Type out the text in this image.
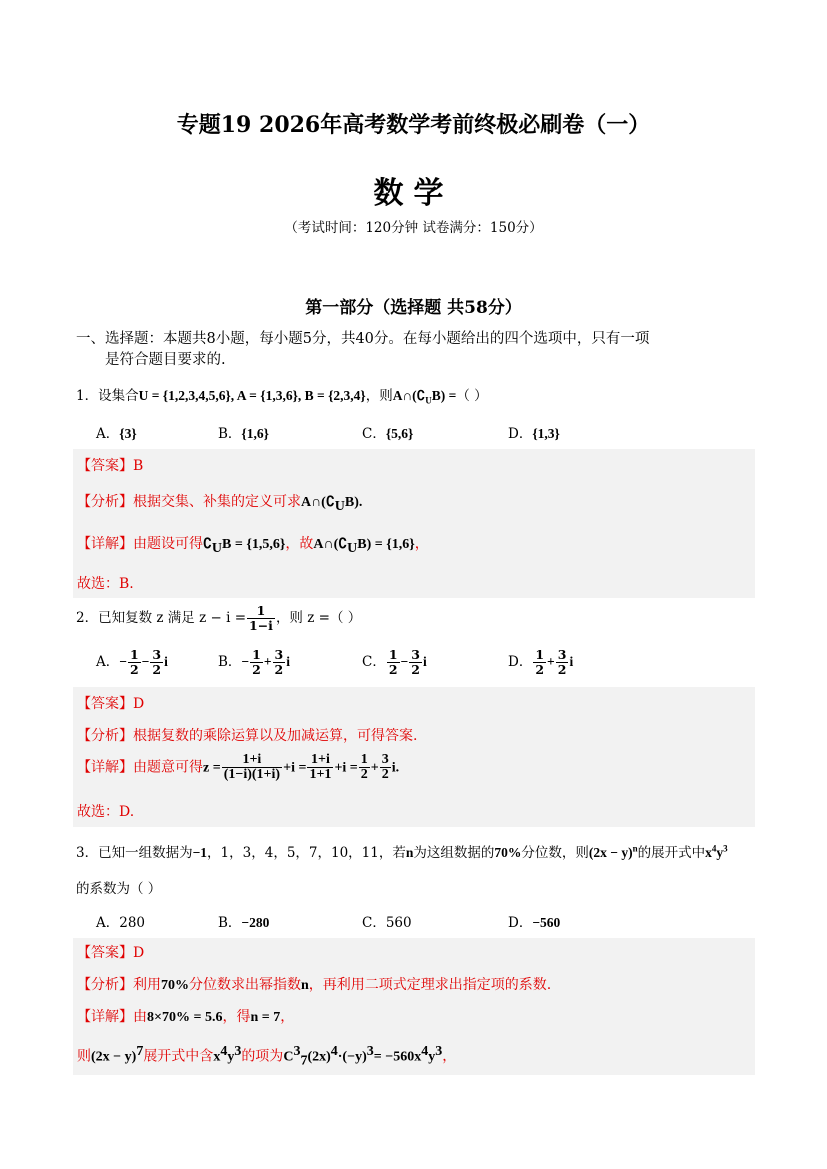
专题19 2026年高考数学考前终极必刷卷（一）
数学
（考试时间：120分钟 试卷满分：150分）
第一部分（选择题 共58分）
一、选择题：本题共8小题，每小题5分，共40分。在每小题给出的四个选项中，只有一项
是符合题目要求的.
1．设集合U = {1,2,3,4,5,6}, A = {1,3,6}, B = {2,3,4}，则$A\cap(∁_UB)$ =（ ）
A．{3}	B．{1,6}	C．{5,6}	D．{1,3}
【答案】B
【分析】根据交集、补集的定义可求$A\cap(∁_UB)$.
【详解】由题设可得$∁_UB = \{1,5,6\}$，故$A\cap(∁_UB) = \{1,6\}$，
故选：B.
2．已知复数 z 满足 $z - i = \frac{1}{1-i}$ ，则 z =（ ）
A．− $\frac{1}{2} - \frac{3}{2}$ i	B．− $\frac{1}{2} + \frac{3}{2}$ i	C． $\frac{1}{2} - \frac{3}{2}$ i	D． $\frac{1}{2} + \frac{3}{2}$ i
【答案】D
【分析】根据复数的乘除运算以及加减运算，可得答案.
【详解】由题意可得$z = \frac{1+i}{(1-i)(1+i)} +i = \frac{1+i}{1+1} +i = \frac{1}{2} + \frac{3}{2} i$.
故选：D.
3．已知一组数据为−1，1，3，4，5，7，10，11，若n为这组数据的70%分位数，则$(2x - y)^n$的展开式中$x^4y^3$
的系数为（ ）
A．280	B．−280	C．560	D．−560
【答案】D
【分析】利用70%分位数求出幂指数n，再利用二项式定理求出指定项的系数.
【详解】由8×70% = 5.6，得n = 7，
则$(2x - y)^7$展开式中含$x^4y^3$的项为$C^3_7(2x)^4\cdot(-y)^3= -560x^4y^3$，
